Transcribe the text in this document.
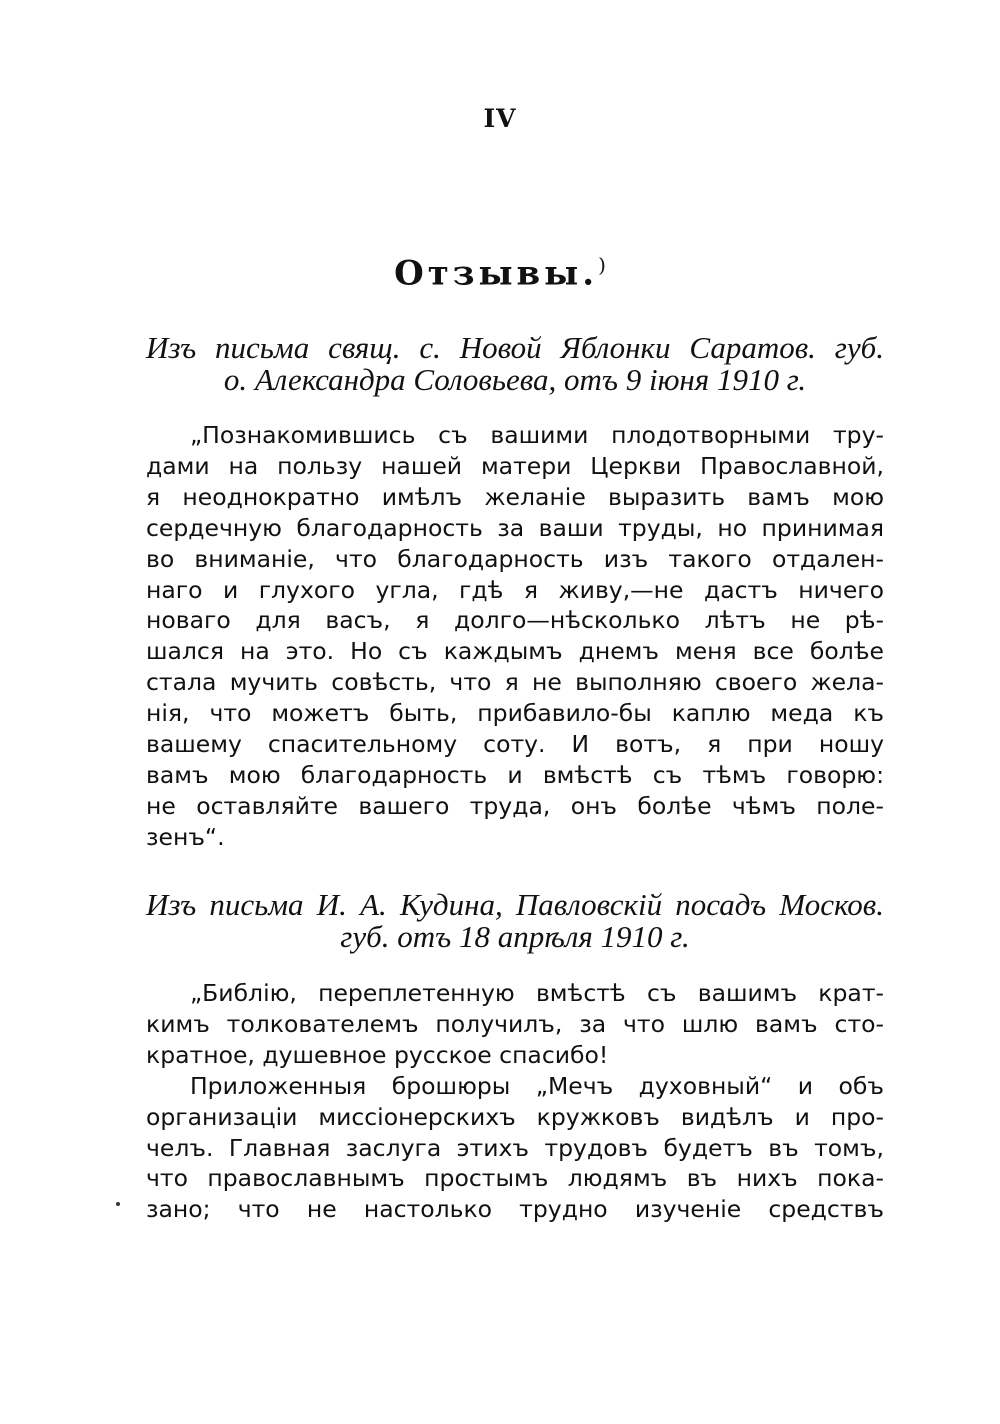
IV
Отзывы.)
Изъ письма свящ. с. Новой Яблонки Саратов. губ.
о. Александра Соловьева, отъ 9 іюня 1910 г.
„Познакомившись съ вашими плодотворными тру-
дами на пользу нашей матери Церкви Православной,
я неоднократно имѣлъ желаніе выразить вамъ мою
сердечную благодарность за ваши труды, но принимая
во вниманіе, что благодарность изъ такого отдален-
наго и глухого угла, гдѣ я живу,—не дастъ ничего
новаго для васъ, я долго—нѣсколько лѣтъ не рѣ-
шался на это. Но съ каждымъ днемъ меня все болѣе
стала мучить совѣсть, что я не выполняю своего жела-
нія, что можетъ быть, прибавило-бы каплю меда къ
вашему спасительному соту. И вотъ, я при ношу
вамъ мою благодарность и вмѣстѣ съ тѣмъ говорю:
не оставляйте вашего труда, онъ болѣе чѣмъ поле-
зенъ“.
Изъ письма И. А. Кудина, Павловскій посадъ Москов.
губ. отъ 18 апрѣля 1910 г.
„Библію, переплетенную вмѣстѣ съ вашимъ крат-
кимъ толкователемъ получилъ, за что шлю вамъ сто-
кратное, душевное русское спасибо!
Приложенныя брошюры „Мечъ духовный“ и объ
организаціи миссіонерскихъ кружковъ видѣлъ и про-
челъ. Главная заслуга этихъ трудовъ будетъ въ томъ,
что православнымъ простымъ людямъ въ нихъ пока-
зано; что не настолько трудно изученіе средствъ
